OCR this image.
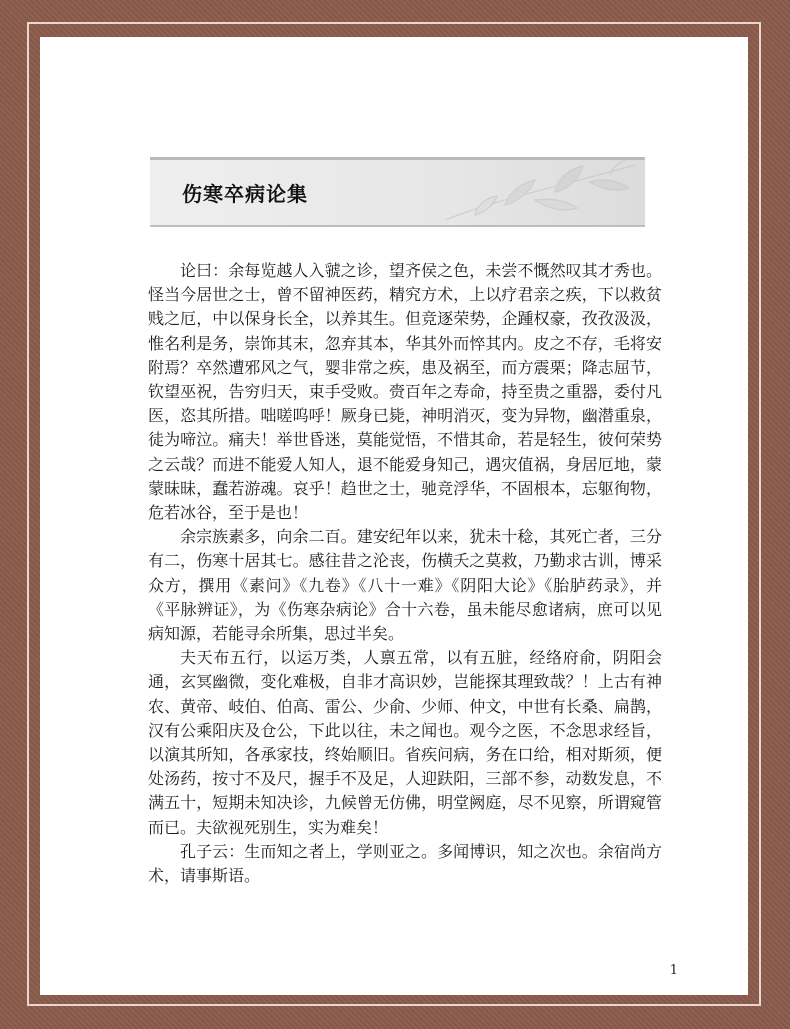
伤寒卒病论集

论曰：余每览越人入虢之诊，望齐侯之色，未尝不慨然叹其才秀也。怪当今居世之士，曾不留神医药，精究方术，上以疗君亲之疾，下以救贫贱之厄，中以保身长全，以养其生。但竞逐荣势，企踵权豪，孜孜汲汲，惟名利是务，崇饰其末，忽弃其本，华其外而悴其内。皮之不存，毛将安附焉？卒然遭邪风之气，婴非常之疾，患及祸至，而方震栗；降志屈节，钦望巫祝，告穷归天，束手受败。赍百年之寿命，持至贵之重器，委付凡医，恣其所措。咄嗟呜呼！厥身已毙，神明消灭，变为异物，幽潜重泉，徒为啼泣。痛夫！举世昏迷，莫能觉悟，不惜其命，若是轻生，彼何荣势之云哉？而进不能爱人知人，退不能爱身知己，遇灾值祸，身居厄地，蒙蒙昧昧，蠢若游魂。哀乎！趋世之士，驰竞浮华，不固根本，忘躯徇物，危若冰谷，至于是也！

余宗族素多，向余二百。建安纪年以来，犹未十稔，其死亡者，三分有二，伤寒十居其七。感往昔之沦丧，伤横夭之莫救，乃勤求古训，博采众方，撰用《素问》《九卷》《八十一难》《阴阳大论》《胎胪药录》，并《平脉辨证》，为《伤寒杂病论》合十六卷，虽未能尽愈诸病，庶可以见病知源，若能寻余所集，思过半矣。

夫天布五行，以运万类，人禀五常，以有五脏，经络府俞，阴阳会通，玄冥幽微，变化难极，自非才高识妙，岂能探其理致哉？！上古有神农、黄帝、岐伯、伯高、雷公、少俞、少师、仲文，中世有长桑、扁鹊，汉有公乘阳庆及仓公，下此以往，未之闻也。观今之医，不念思求经旨，以演其所知，各承家技，终始顺旧。省疾问病，务在口给，相对斯须，便处汤药，按寸不及尺，握手不及足，人迎趺阳，三部不参，动数发息，不满五十，短期未知决诊，九候曾无仿佛，明堂阙庭，尽不见察，所谓窥管而已。夫欲视死别生，实为难矣！

孔子云：生而知之者上，学则亚之。多闻博识，知之次也。余宿尚方术，请事斯语。

1
